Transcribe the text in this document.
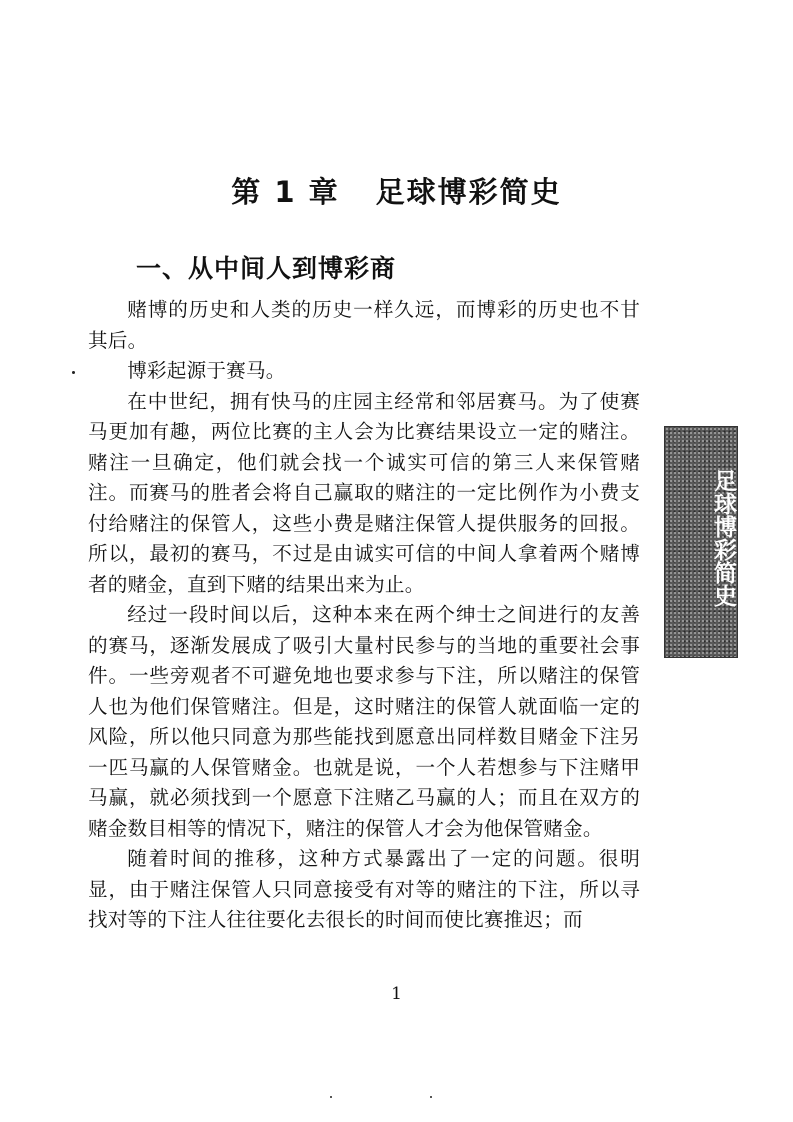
第 1 章 足球博彩简史
一、从中间人到博彩商

赌博的历史和人类的历史一样久远，而博彩的历史也不甘其后。

博彩起源于赛马。

在中世纪，拥有快马的庄园主经常和邻居赛马。为了使赛马更加有趣，两位比赛的主人会为比赛结果设立一定的赌注。赌注一旦确定，他们就会找一个诚实可信的第三人来保管赌注。而赛马的胜者会将自己赢取的赌注的一定比例作为小费支付给赌注的保管人，这些小费是赌注保管人提供服务的回报。所以，最初的赛马，不过是由诚实可信的中间人拿着两个赌博者的赌金，直到下赌的结果出来为止。

经过一段时间以后，这种本来在两个绅士之间进行的友善的赛马，逐渐发展成了吸引大量村民参与的当地的重要社会事件。一些旁观者不可避免地也要求参与下注，所以赌注的保管人也为他们保管赌注。但是，这时赌注的保管人就面临一定的风险，所以他只同意为那些能找到愿意出同样数目赌金下注另一匹马赢的人保管赌金。也就是说，一个人若想参与下注赌甲马赢，就必须找到一个愿意下注赌乙马赢的人；而且在双方的赌金数目相等的情况下，赌注的保管人才会为他保管赌金。

随着时间的推移，这种方式暴露出了一定的问题。很明显，由于赌注保管人只同意接受有对等的赌注的下注，所以寻找对等的下注人往往要化去很长的时间而使比赛推迟；而

足球博彩简史
1
